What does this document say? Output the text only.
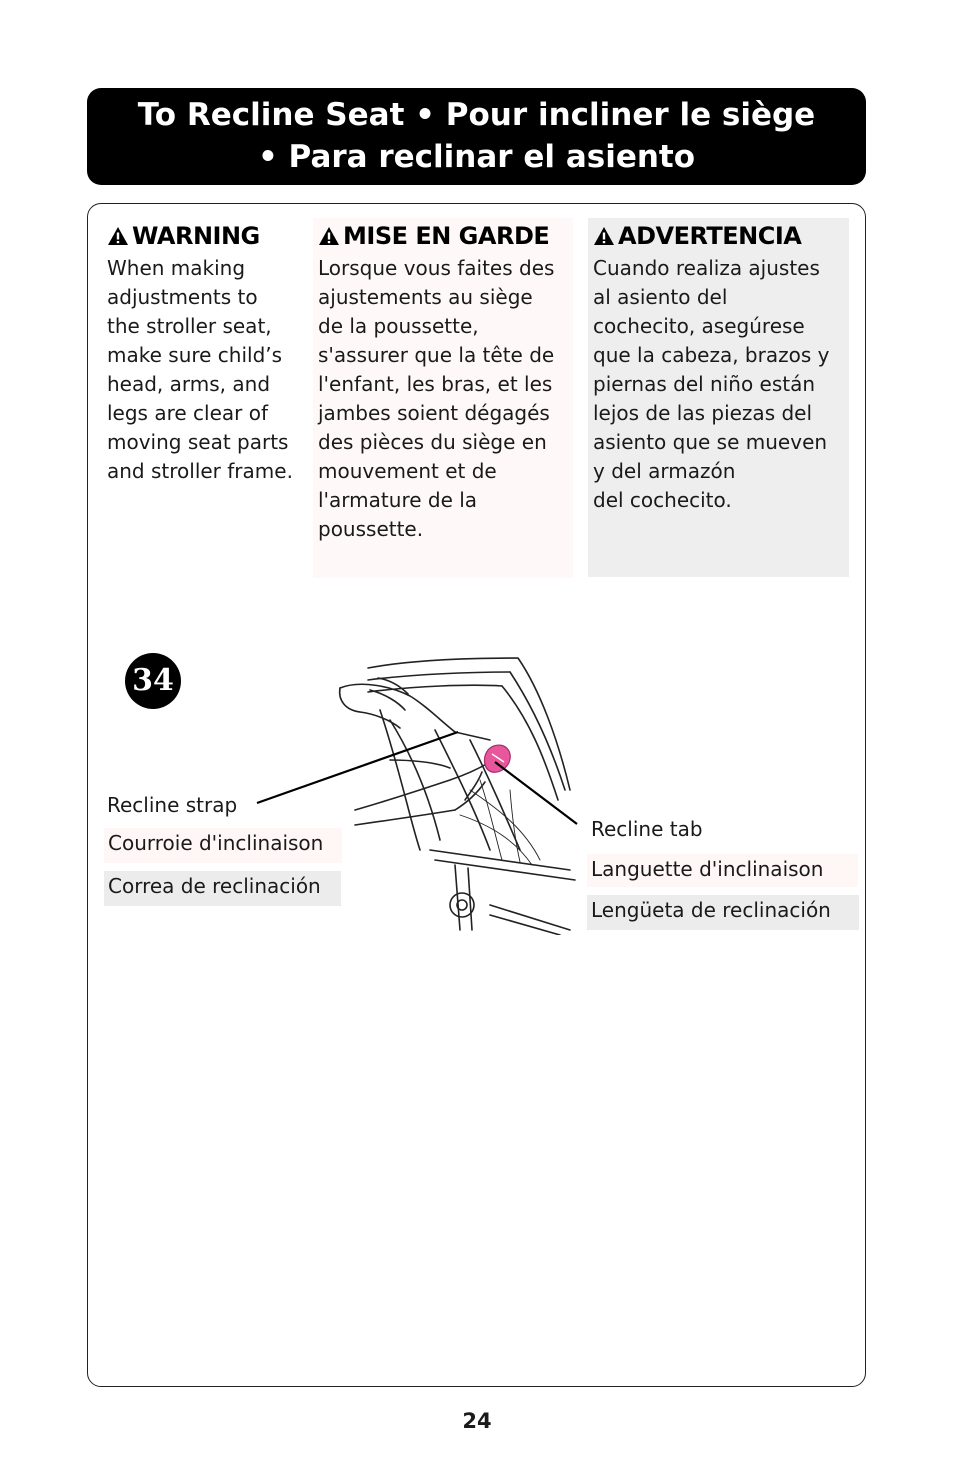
To Recline Seat • Pour incliner le siège
• Para reclinar el asiento
WARNING

When making
adjustments to
the stroller seat,
make sure child’s
head, arms, and
legs are clear of
moving seat parts
and stroller frame.

MISE EN GARDE

Lorsque vous faites des
ajustements au siège
de la poussette,
s'assurer que la tête de
l'enfant, les bras, et les
jambes soient dégagés
des pièces du siège en
mouvement et de
l'armature de la
poussette.

ADVERTENCIA

Cuando realiza ajustes
al asiento del
cochecito, asegúrese
que la cabeza, brazos y
piernas del niño están
lejos de las piezas del
asiento que se mueven
y del armazón
del cochecito.

34
Recline strap
Courroie d'inclinaison
Correa de reclinación
Recline tab
Languette d'inclinaison
Lengüeta de reclinación
24
